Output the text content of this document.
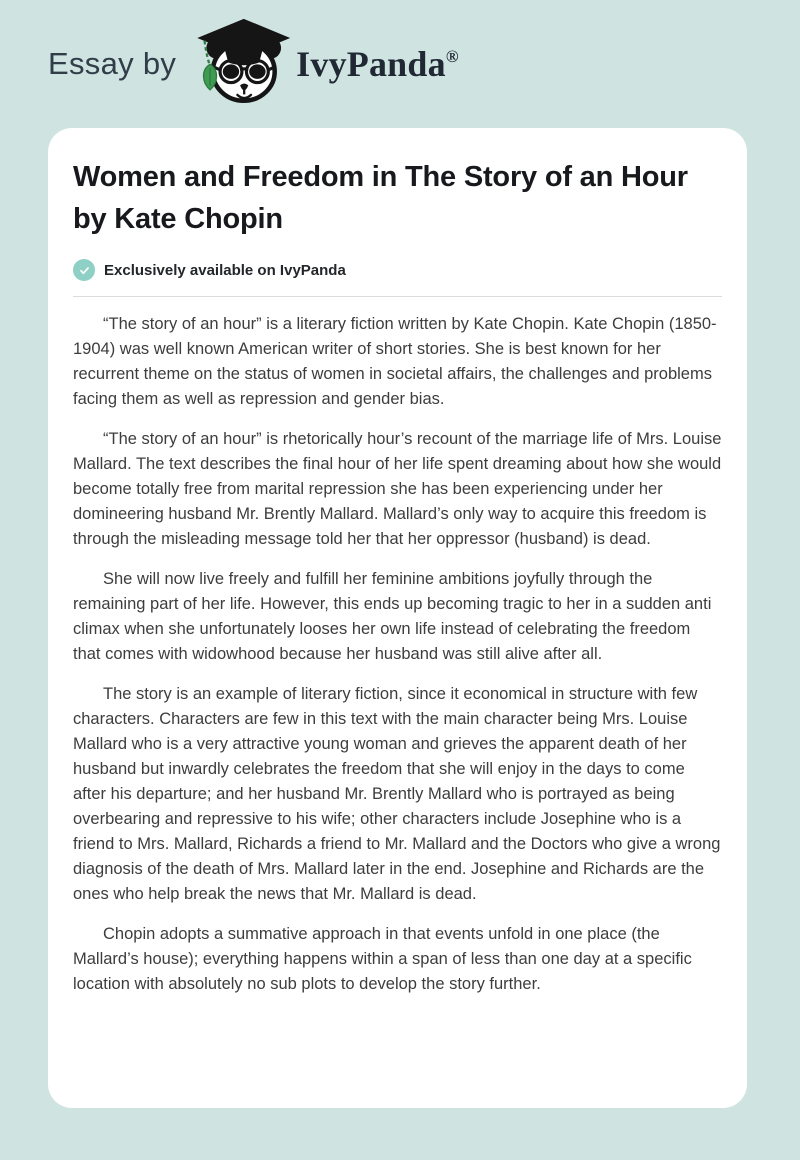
Essay by	IvyPanda®
Women and Freedom in The Story of an Hour by Kate Chopin
Exclusively available on IvyPanda

“The story of an hour” is a literary fiction written by Kate Chopin. Kate Chopin (1850-1904) was well known American writer of short stories. She is best known for her recurrent theme on the status of women in societal affairs, the challenges and problems facing them as well as repression and gender bias.

“The story of an hour” is rhetorically hour’s recount of the marriage life of Mrs. Louise Mallard. The text describes the final hour of her life spent dreaming about how she would become totally free from marital repression she has been experiencing under her domineering husband Mr. Brently Mallard. Mallard’s only way to acquire this freedom is through the misleading message told her that her oppressor (husband) is dead.

She will now live freely and fulfill her feminine ambitions joyfully through the remaining part of her life. However, this ends up becoming tragic to her in a sudden anti climax when she unfortunately looses her own life instead of celebrating the freedom that comes with widowhood because her husband was still alive after all.

The story is an example of literary fiction, since it economical in structure with few characters. Characters are few in this text with the main character being Mrs. Louise Mallard who is a very attractive young woman and grieves the apparent death of her husband but inwardly celebrates the freedom that she will enjoy in the days to come after his departure; and her husband Mr. Brently Mallard who is portrayed as being overbearing and repressive to his wife; other characters include Josephine who is a friend to Mrs. Mallard, Richards a friend to Mr. Mallard and the Doctors who give a wrong diagnosis of the death of Mrs. Mallard later in the end. Josephine and Richards are the ones who help break the news that Mr. Mallard is dead.

Chopin adopts a summative approach in that events unfold in one place (the Mallard’s house); everything happens within a span of less than one day at a specific location with absolutely no sub plots to develop the story further.
